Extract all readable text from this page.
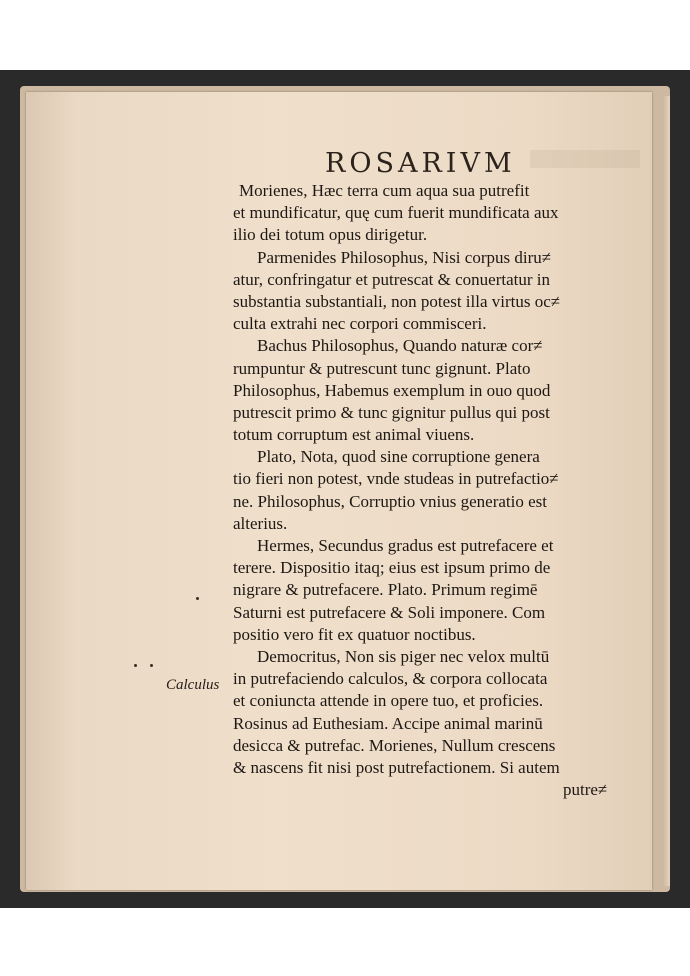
ROSARIVM
Morienes, Hæc terra cum aqua sua putrefit
et mundificatur, quę cum fuerit mundificata aux
ilio dei totum opus dirigetur.
Parmenides Philosophus, Nisi corpus diru≠
atur, confringatur et putrescat & conuertatur in
substantia substantiali, non potest illa virtus oc≠
culta extrahi nec corpori commisceri.
Bachus Philosophus, Quando naturæ cor≠
rumpuntur & putrescunt tunc gignunt. Plato
Philosophus, Habemus exemplum in ouo quod
putrescit primo & tunc gignitur pullus qui post
totum corruptum est animal viuens.
Plato, Nota, quod sine corruptione genera
tio fieri non potest, vnde studeas in putrefactio≠
ne. Philosophus, Corruptio vnius generatio est
alterius.
Hermes, Secundus gradus est putrefacere et
terere. Dispositio itaq; eius est ipsum primo de
nigrare & putrefacere. Plato. Primum regimē
Saturni est putrefacere & Soli imponere. Com
positio vero fit ex quatuor noctibus.
Democritus, Non sis piger nec velox multū
in putrefaciendo calculos, & corpora collocata
et coniuncta attende in opere tuo, et proficies.
Rosinus ad Euthesiam. Accipe animal marinū
desicca & putrefac. Morienes, Nullum crescens
& nascens fit nisi post putrefactionem. Si autem
putre≠
Calculus
